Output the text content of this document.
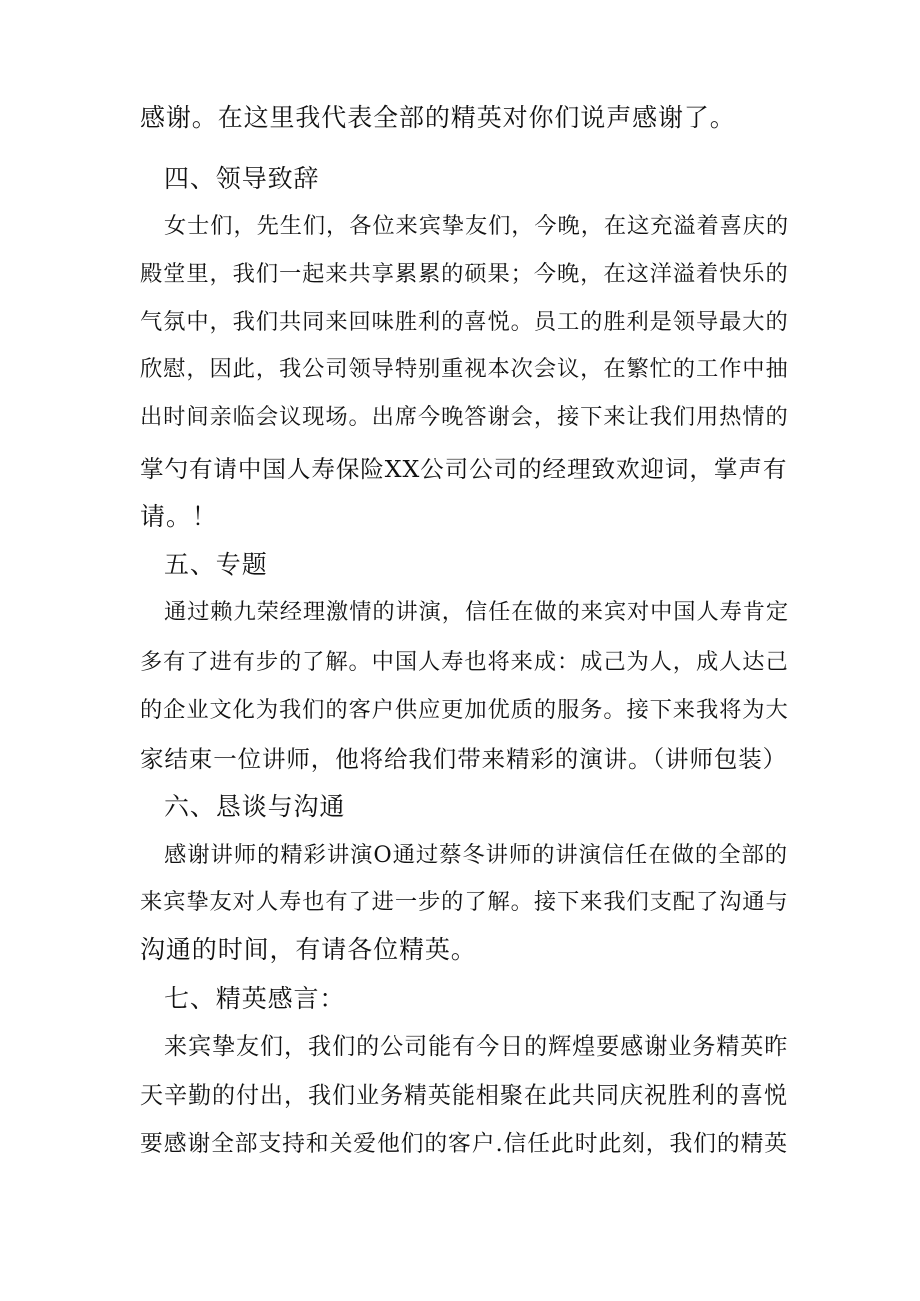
感谢。在这里我代表全部的精英对你们说声感谢了。
四、领导致辞
女士们，先生们，各位来宾挚友们，今晚，在这充溢着喜庆的
殿堂里，我们一起来共享累累的硕果；今晚，在这洋溢着快乐的
气氛中，我们共同来回味胜利的喜悦。员工的胜利是领导最大的
欣慰，因此，我公司领导特别重视本次会议，在繁忙的工作中抽
出时间亲临会议现场。出席今晚答谢会，接下来让我们用热情的
掌勺有请中国人寿保险XX公司公司的经理致欢迎词，掌声有
请。！
五、专题
通过赖九荣经理激情的讲演，信任在做的来宾对中国人寿肯定
多有了进有步的了解。中国人寿也将来成：成己为人，成人达己
的企业文化为我们的客户供应更加优质的服务。接下来我将为大
家结束一位讲师，他将给我们带来精彩的演讲。（讲师包装）
六、恳谈与沟通
感谢讲师的精彩讲演O通过蔡冬讲师的讲演信任在做的全部的
来宾挚友对人寿也有了进一步的了解。接下来我们支配了沟通与
沟通的时间，有请各位精英。
七、精英感言：
来宾挚友们，我们的公司能有今日的辉煌要感谢业务精英昨
天辛勤的付出，我们业务精英能相聚在此共同庆祝胜利的喜悦
要感谢全部支持和关爱他们的客户.信任此时此刻，我们的精英
